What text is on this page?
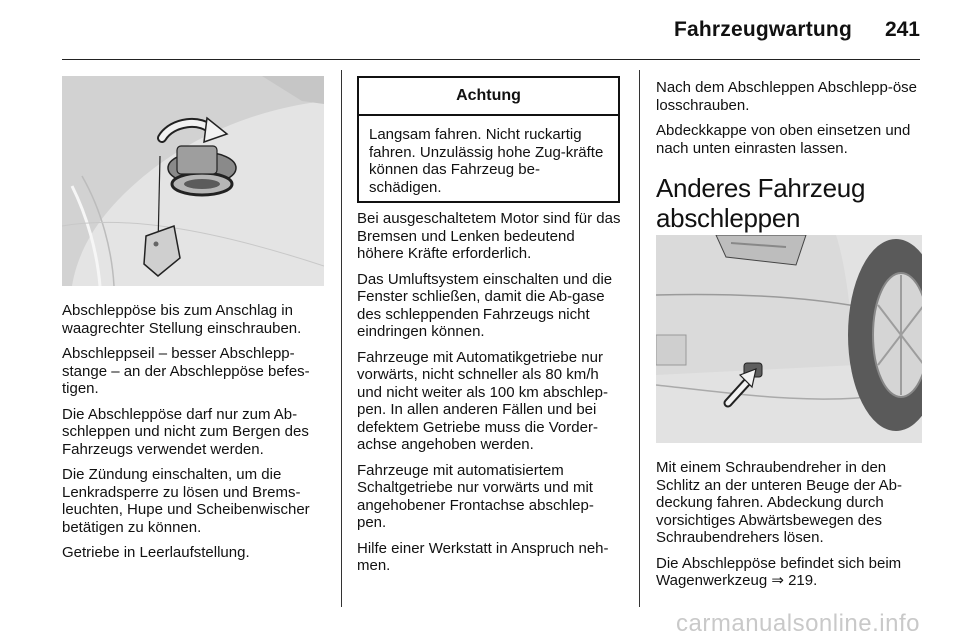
Fahrzeugwartung 241

Abschleppöse bis zum Anschlag in waagrechter Stellung einschrauben.

Abschleppseil – besser Abschlepp-stange – an der Abschleppöse befes-tigen.

Die Abschleppöse darf nur zum Ab-schleppen und nicht zum Bergen des Fahrzeugs verwendet werden.

Die Zündung einschalten, um die Lenkradsperre zu lösen und Brems-leuchten, Hupe und Scheibenwischer betätigen zu können.

Getriebe in Leerlaufstellung.

Achtung
Langsam fahren. Nicht ruckartig fahren. Unzulässig hohe Zug-kräfte können das Fahrzeug be-schädigen.

Bei ausgeschaltetem Motor sind für das Bremsen und Lenken bedeutend höhere Kräfte erforderlich.

Das Umluftsystem einschalten und die Fenster schließen, damit die Ab-gase des schleppenden Fahrzeugs nicht eindringen können.

Fahrzeuge mit Automatikgetriebe nur vorwärts, nicht schneller als 80 km/h und nicht weiter als 100 km abschlep-pen. In allen anderen Fällen und bei defektem Getriebe muss die Vorder-achse angehoben werden.

Fahrzeuge mit automatisiertem Schaltgetriebe nur vorwärts und mit angehobener Frontachse abschlep-pen.

Hilfe einer Werkstatt in Anspruch neh-men.

Nach dem Abschleppen Abschlepp-öse losschrauben.

Abdeckkappe von oben einsetzen und nach unten einrasten lassen.

Anderes Fahrzeug abschleppen

Mit einem Schraubendreher in den Schlitz an der unteren Beuge der Ab-deckung fahren. Abdeckung durch vorsichtiges Abwärtsbewegen des Schraubendrehers lösen.

Die Abschleppöse befindet sich beim Wagenwerkzeug ⇒ 219.

carmanualsonline.info
